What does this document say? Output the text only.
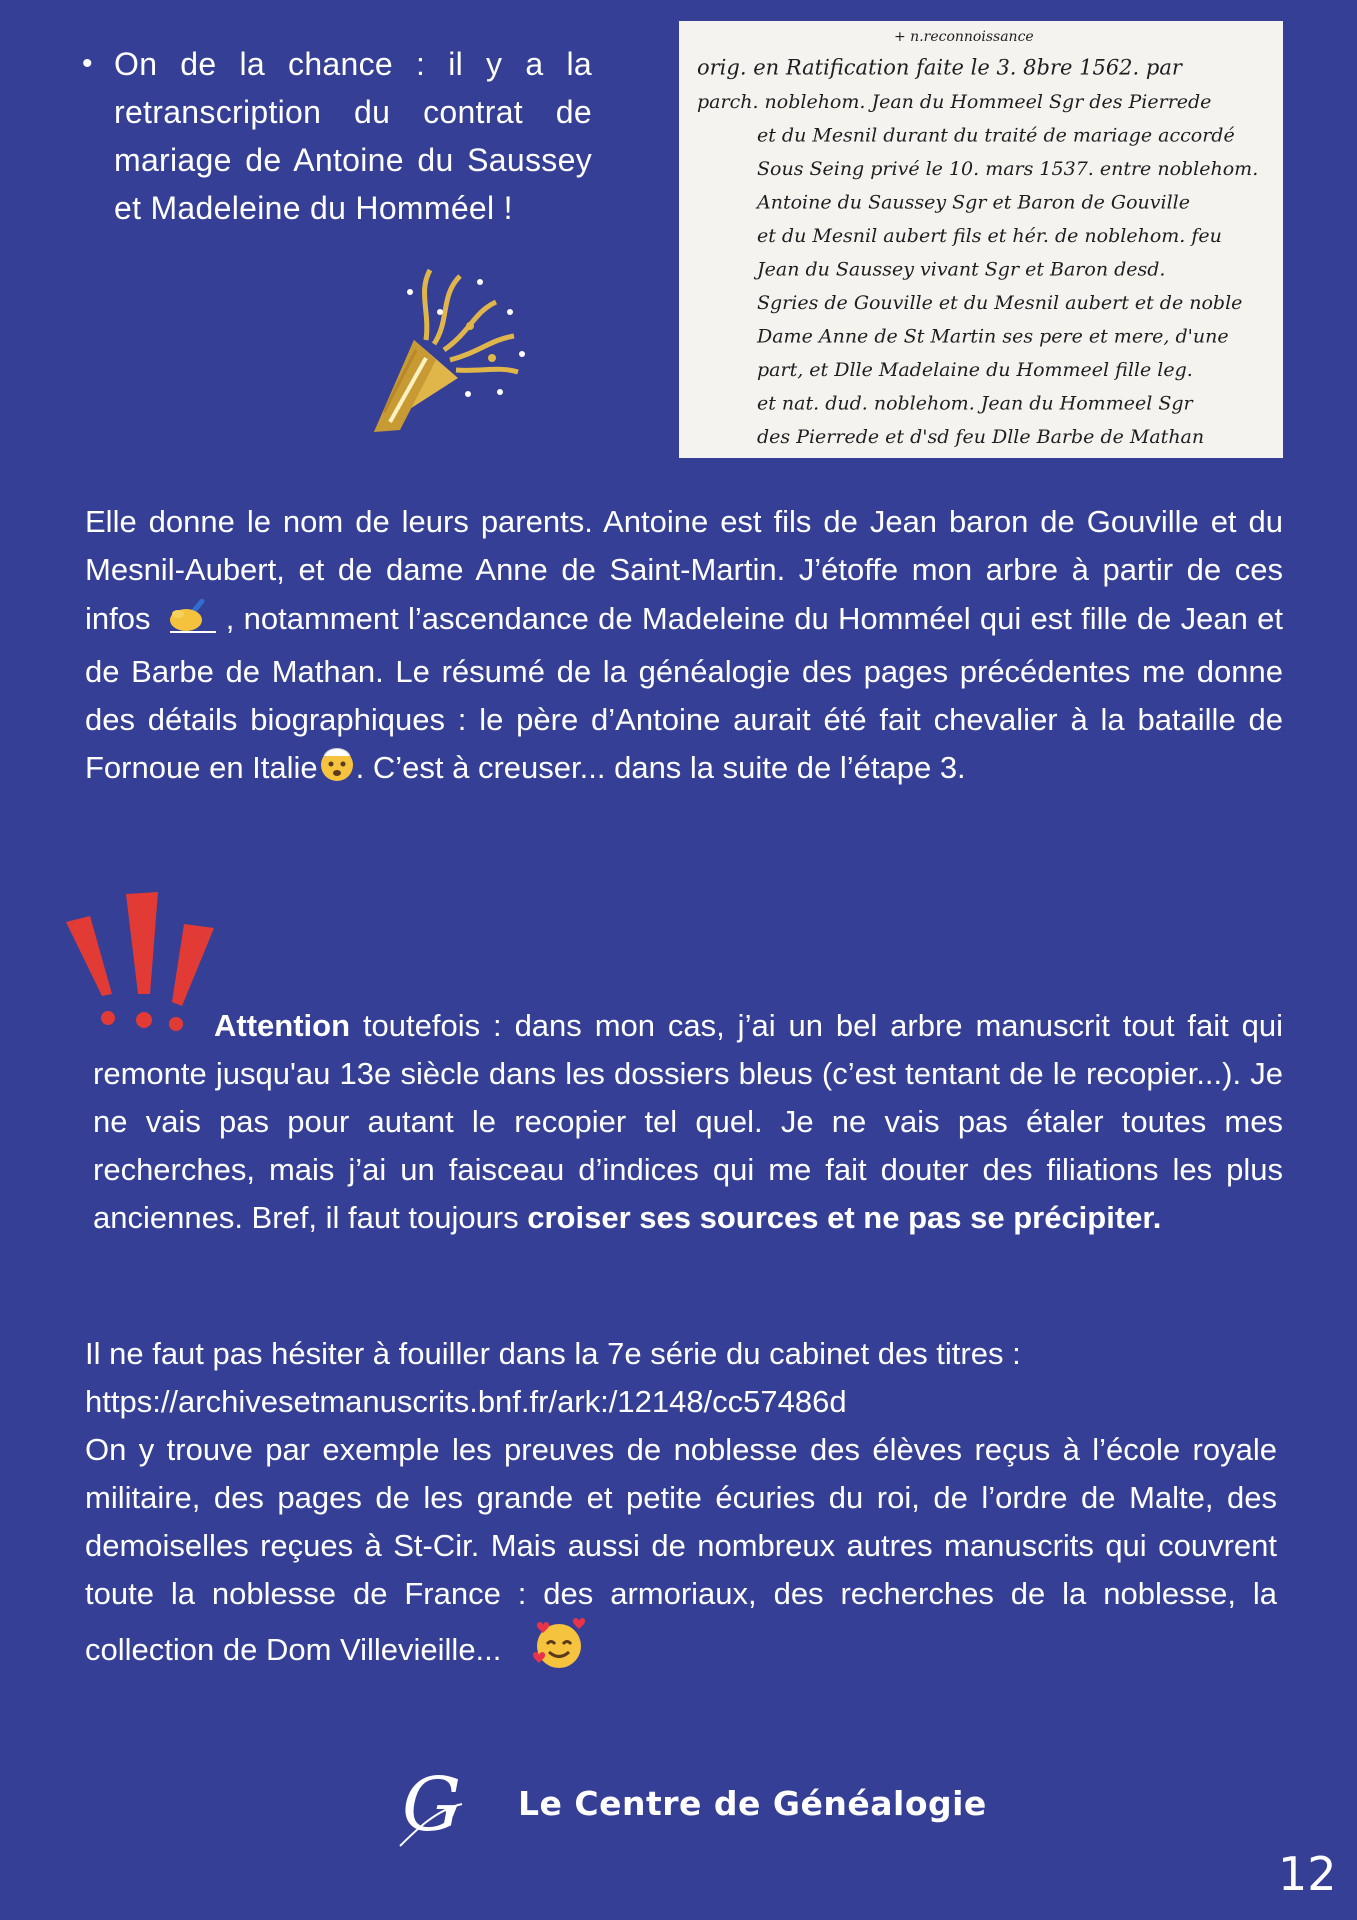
• On de la chance : il y a la retranscription du contrat de mariage de Antoine du Saussey et Madeleine du Homméel !
+ n.reconnoissance
orig. en Ratification faite le 3. 8bre 1562. par
parch. noblehom. Jean du Hommeel Sgr des Pierrede
et du Mesnil durant du traité de mariage accordé
Sous Seing privé le 10. mars 1537. entre noblehom.
Antoine du Saussey Sgr et Baron de Gouville
et du Mesnil aubert fils et hér. de noblehom. feu
Jean du Saussey vivant Sgr et Baron desd.
Sgries de Gouville et du Mesnil aubert et de noble
Dame Anne de St Martin ses pere et mere, d'une
part, et Dlle Madelaine du Hommeel fille leg.
et nat. dud. noblehom. Jean du Hommeel Sgr
des Pierrede et d'sd feu Dlle Barbe de Mathan

Elle donne le nom de leurs parents. Antoine est fils de Jean baron de Gouville et du Mesnil-Aubert, et de dame Anne de Saint-Martin. J’étoffe mon arbre à partir de ces infos , notamment l’ascendance de Madeleine du Homméel qui est fille de Jean et de Barbe de Mathan. Le résumé de la généalogie des pages précédentes me donne des détails biographiques : le père d’Antoine aurait été fait chevalier à la bataille de Fornoue en Italie . C’est à creuser... dans la suite de l’étape 3.

Attention toutefois : dans mon cas, j’ai un bel arbre manuscrit tout fait qui remonte jusqu'au 13e siècle dans les dossiers bleus (c’est tentant de le recopier...). Je ne vais pas pour autant le recopier tel quel. Je ne vais pas étaler toutes mes recherches, mais j’ai un faisceau d’indices qui me fait douter des filiations les plus anciennes. Bref, il faut toujours croiser ses sources et ne pas se précipiter.

Il ne faut pas hésiter à fouiller dans la 7e série du cabinet des titres :
https://archivesetmanuscrits.bnf.fr/ark:/12148/cc57486d
On y trouve par exemple les preuves de noblesse des élèves reçus à l’école royale militaire, des pages de les grande et petite écuries du roi, de l’ordre de Malte, des demoiselles reçues à St-Cir. Mais aussi de nombreux autres manuscrits qui couvrent toute la noblesse de France : des armoriaux, des recherches de la noblesse, la collection de Dom Villevieille...
G Le Centre de Généalogie
12
